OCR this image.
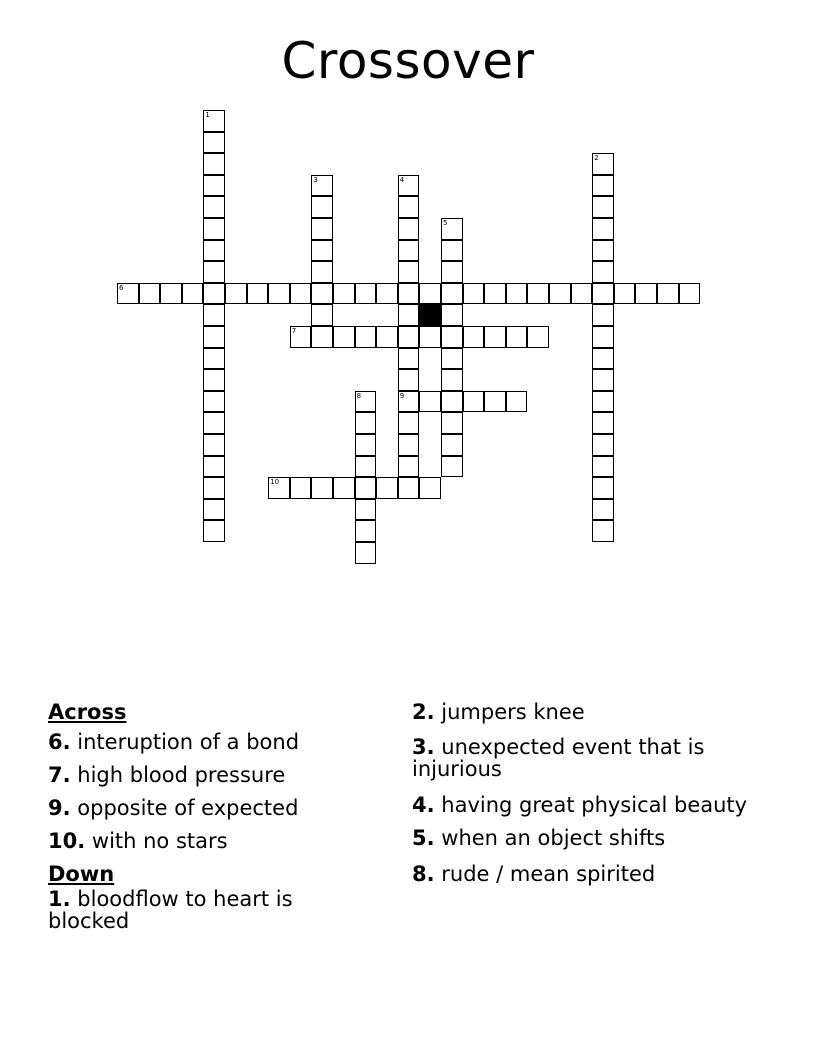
Crossover
1
2
3	4
9
5
6
7
8
10
Across
6. interuption of a bond
7. high blood pressure
9. opposite of expected
10. with no stars
Down
1. bloodflow to heart is blocked
2. jumpers knee
3. unexpected event that is injurious
4. having great physical beauty
5. when an object shifts
8. rude / mean spirited
